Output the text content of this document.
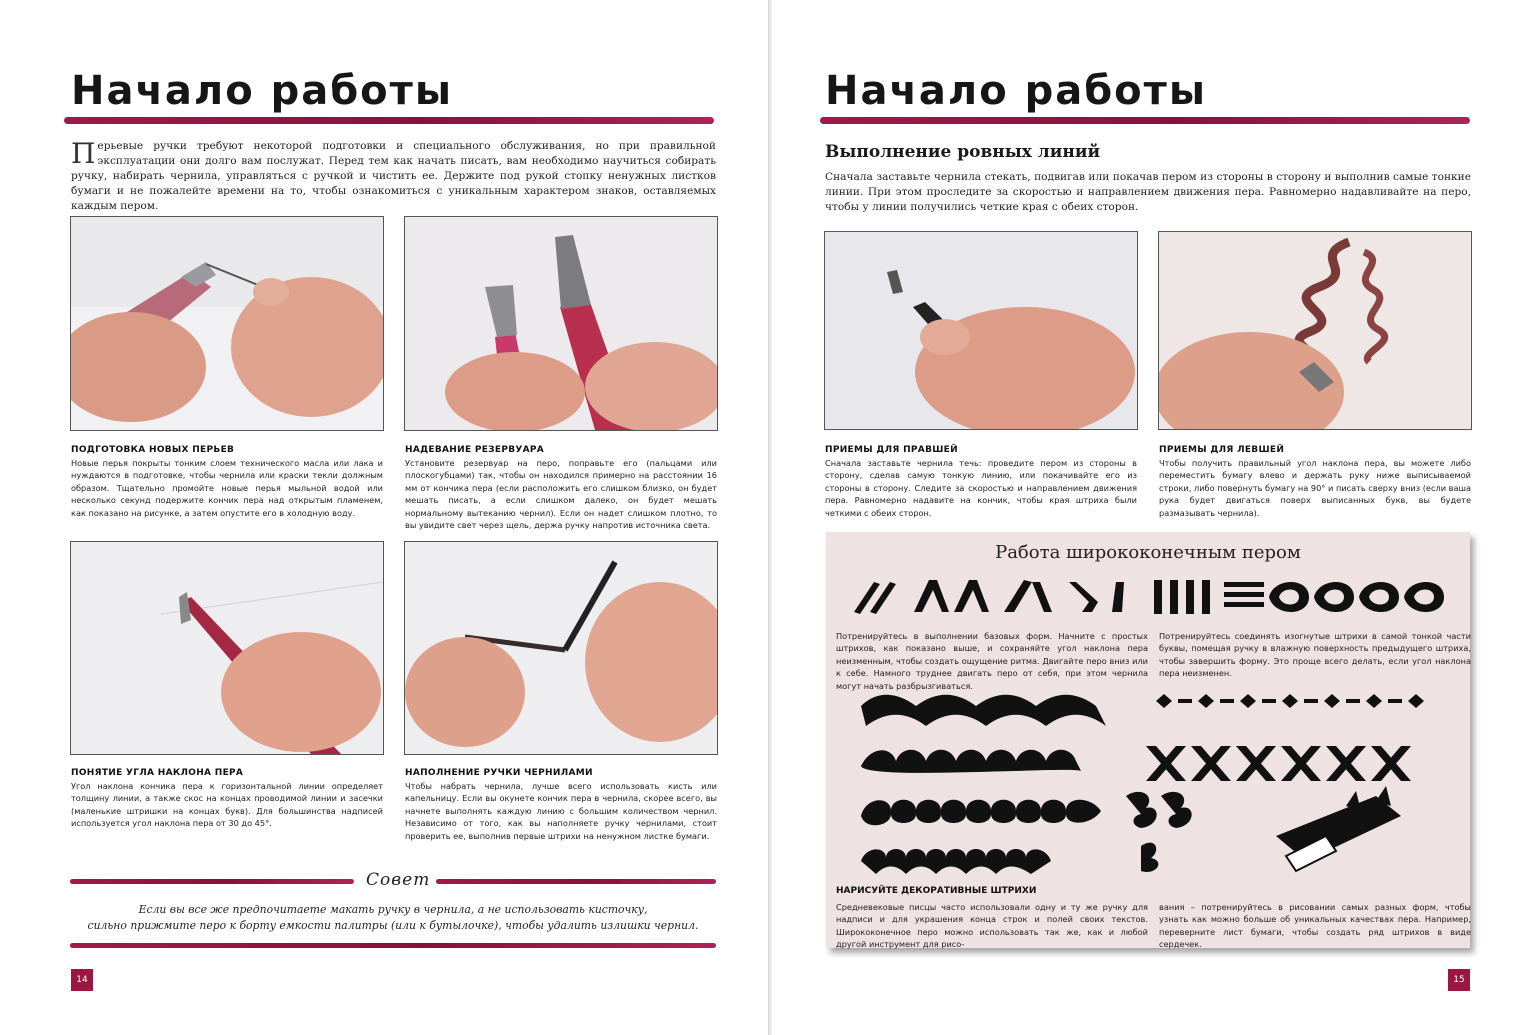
Начало работы
Перьевые ручки требуют некоторой подготовки и специального обслуживания, но при правильной эксплуатации они долго вам послужат. Перед тем как начать писать, вам необходимо научиться собирать ручку, набирать чернила, управляться с ручкой и чистить ее. Держите под рукой стопку ненужных листков бумаги и не пожалейте времени на то, чтобы ознакомиться с уникальным характером знаков, оставляемых каждым пером.

ПОДГОТОВКА НОВЫХ ПЕРЬЕВ

Новые перья покрыты тонким слоем технического масла или лака и нуждаются в подготовке, чтобы чернила или краски текли должным образом. Тщательно промойте новые перья мыльной водой или несколько секунд подержите кончик пера над открытым пламенем, как показано на рисунке, а затем опустите его в холодную воду.

НАДЕВАНИЕ РЕЗЕРВУАРА

Установите резервуар на перо, поправьте его (пальцами или плоскогубцами) так, чтобы он находился примерно на расстоянии 16 мм от кончика пера (если расположить его слишком близко, он будет мешать писать, а если слишком далеко, он будет мешать нормальному вытеканию чернил). Если он надет слишком плотно, то вы увидите свет через щель, держа ручку напротив источника света.

ПОНЯТИЕ УГЛА НАКЛОНА ПЕРА

Угол наклона кончика пера к горизонтальной линии определяет толщину линии, а также скос на концах проводимой линии и засечки (маленькие штришки на концах букв). Для большинства надписей используется угол наклона пера от 30 до 45°.

НАПОЛНЕНИЕ РУЧКИ ЧЕРНИЛАМИ

Чтобы набрать чернила, лучше всего использовать кисть или капельницу. Если вы окунете кончик пера в чернила, скорее всего, вы начнете выполнять каждую линию с большим количеством чернил. Независимо от того, как вы наполняете ручку чернилами, стоит проверить ее, выполнив первые штрихи на ненужном листке бумаги.

Совет
Если вы все же предпочитаете макать ручку в чернила, а не использовать кисточку,
сильно прижмите перо к борту емкости палитры (или к бутылочке), чтобы удалить излишки чернил.
14
Начало работы
Выполнение ровных линий
Сначала заставьте чернила стекать, подвигав или покачав пером из стороны в сторону и выполнив самые тонкие линии. При этом проследите за скоростью и направлением движения пера. Равномерно надавливайте на перо, чтобы у линии получились четкие края с обеих сторон.

ПРИЕМЫ ДЛЯ ПРАВШЕЙ

Сначала заставьте чернила течь: проведите пером из стороны в сторону, сделав самую тонкую линию, или покачивайте его из стороны в сторону. Следите за скоростью и направлением движения пера. Равномерно надавите на кончик, чтобы края штриха были четкими с обеих сторон.

ПРИЕМЫ ДЛЯ ЛЕВШЕЙ

Чтобы получить правильный угол наклона пера, вы можете либо переместить бумагу влево и держать руку ниже выписываемой строки, либо повернуть бумагу на 90° и писать сверху вниз (если ваша рука будет двигаться поверх выписанных букв, вы будете размазывать чернила).

Работа ширококонечным пером

Потренируйтесь в выполнении базовых форм. Начните с простых штрихов, как показано выше, и сохраняйте угол наклона пера неизменным, чтобы создать ощущение ритма. Двигайте перо вниз или к себе. Намного труднее двигать перо от себя, при этом чернила могут начать разбрызгиваться.

Потренируйтесь соединять изогнутые штрихи в самой тонкой части буквы, помещая ручку в влажную поверхность предыдущего штриха, чтобы завершить форму. Это проще всего делать, если угол наклона пера неизменен.

НАРИСУЙТЕ ДЕКОРАТИВНЫЕ ШТРИХИ

Средневековые писцы часто использовали одну и ту же ручку для надписи и для украшения конца строк и полей своих текстов. Ширококонечное перо можно использовать так же, как и любой другой инструмент для рисо-

вания – потренируйтесь в рисовании самых разных форм, чтобы узнать как можно больше об уникальных качествах пера. Например, переверните лист бумаги, чтобы создать ряд штрихов в виде сердечек.

15
